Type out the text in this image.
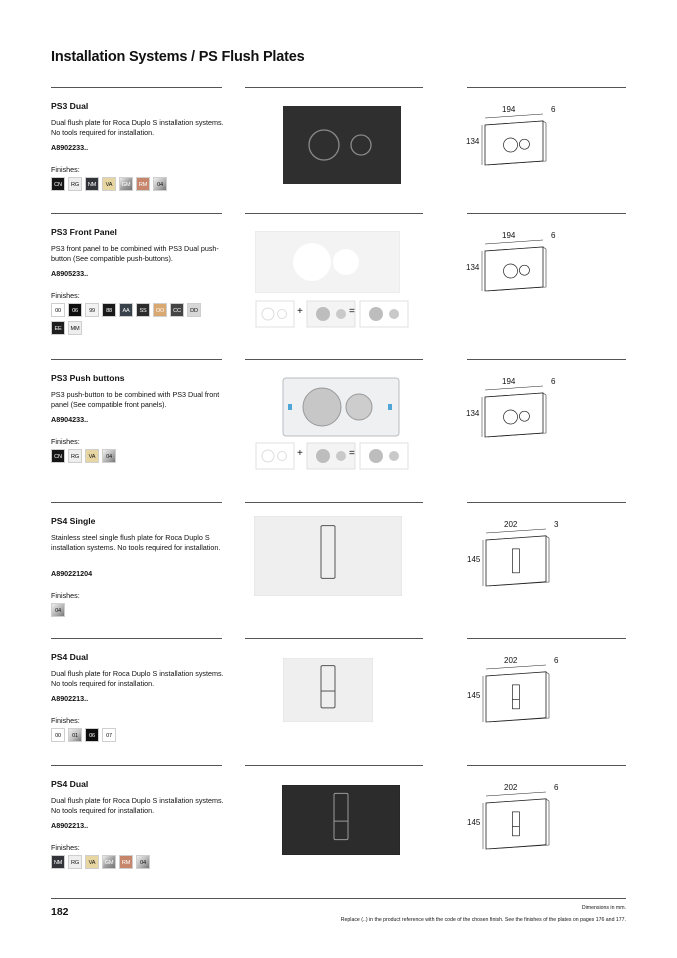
Installation Systems / PS Flush Plates
PS3 Dual
Dual flush plate for Roca Duplo S installation systems. No tools required for installation.
A8902233..
Finishes:
CN	RG	NM	VA	GM	RM	04
194
134
6
PS3 Front Panel
PS3 front panel to be combined with PS3 Dual push-button (See compatible push-buttons).
A8905233..
Finishes:
00	06	99	88	AA	SS	OO	CC	DD
EE	MM
+	=
194
134
6
PS3 Push buttons
PS3 push-button to be combined with PS3 Dual front panel (See compatible front panels).
A8904233..
Finishes:
CN	RG	VA	04	+	=
194
134
6
PS4 Single
Stainless steel single flush plate for Roca Duplo S installation systems. No tools required for installation.
A890221204
Finishes:
04
202
145
3
PS4 Dual
Dual flush plate for Roca Duplo S installation systems. No tools required for installation.
A8902213..
Finishes:
00	01	06	07
202
145
6
PS4 Dual
Dual flush plate for Roca Duplo S installation systems. No tools required for installation.
A8902213..
Finishes:
NM	RG	VA	GM	RM	04
202
145
6
182	Dimensions in mm.
Replace (..) in the product reference with the code of the chosen finish. See the finishes of the plates on pages 176 and 177.
